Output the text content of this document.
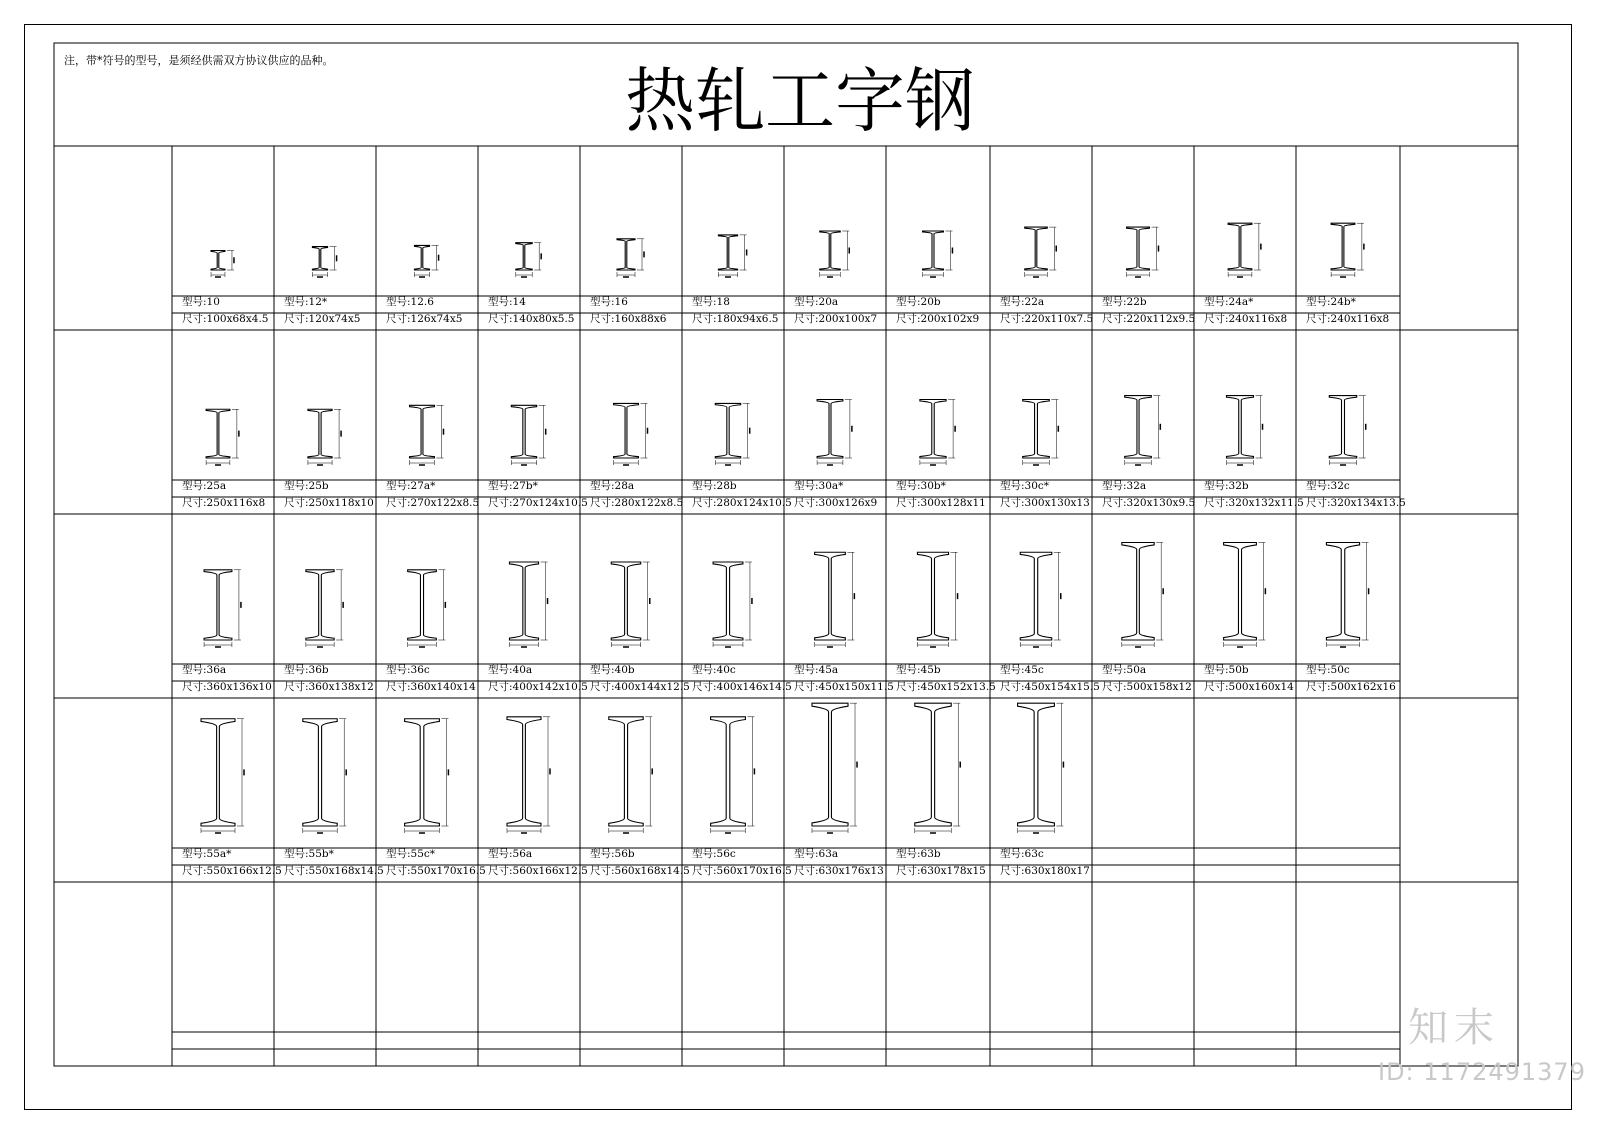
注，带*符号的型号，是须经供需双方协议供应的品种。	热轧工字钢
型号:10
尺寸:100x68x4.5
型号:12*
尺寸:120x74x5
型号:12.6
尺寸:126x74x5
型号:14
尺寸:140x80x5.5
型号:16
尺寸:160x88x6
型号:18
尺寸:180x94x6.5
型号:20a
尺寸:200x100x7
型号:20b
尺寸:200x102x9
型号:22a
尺寸:220x110x7.5
型号:22b
尺寸:220x112x9.5
型号:24a*
尺寸:240x116x8
型号:24b*
尺寸:240x116x8
型号:25a
尺寸:250x116x8
型号:25b
尺寸:250x118x10
型号:27a*
尺寸:270x122x8.5
型号:27b*
尺寸:270x124x10.5
型号:28a
尺寸:280x122x8.5
型号:28b
尺寸:280x124x10.5
型号:30a*
尺寸:300x126x9
型号:30b*
尺寸:300x128x11
型号:30c*
尺寸:300x130x13
型号:32a
尺寸:320x130x9.5
型号:32b
尺寸:320x132x11.5
型号:32c
尺寸:320x134x13.5
型号:36a
尺寸:360x136x10
型号:36b
尺寸:360x138x12
型号:36c
尺寸:360x140x14
型号:40a
尺寸:400x142x10.5
型号:40b
尺寸:400x144x12.5
型号:40c
尺寸:400x146x14.5
型号:45a
尺寸:450x150x11.5
型号:45b
尺寸:450x152x13.5
型号:45c
尺寸:450x154x15.5
型号:50a
尺寸:500x158x12
型号:50b
尺寸:500x160x14
型号:50c
尺寸:500x162x16
型号:55a*
尺寸:550x166x12.5
型号:55b*
尺寸:550x168x14.5
型号:55c*
尺寸:550x170x16.5
型号:56a
尺寸:560x166x12.5
型号:56b
尺寸:560x168x14.5
型号:56c
尺寸:560x170x16.5
型号:63a
尺寸:630x176x13
型号:63b
尺寸:630x178x15
型号:63c
尺寸:630x180x17
知末
ID: 1172491379
